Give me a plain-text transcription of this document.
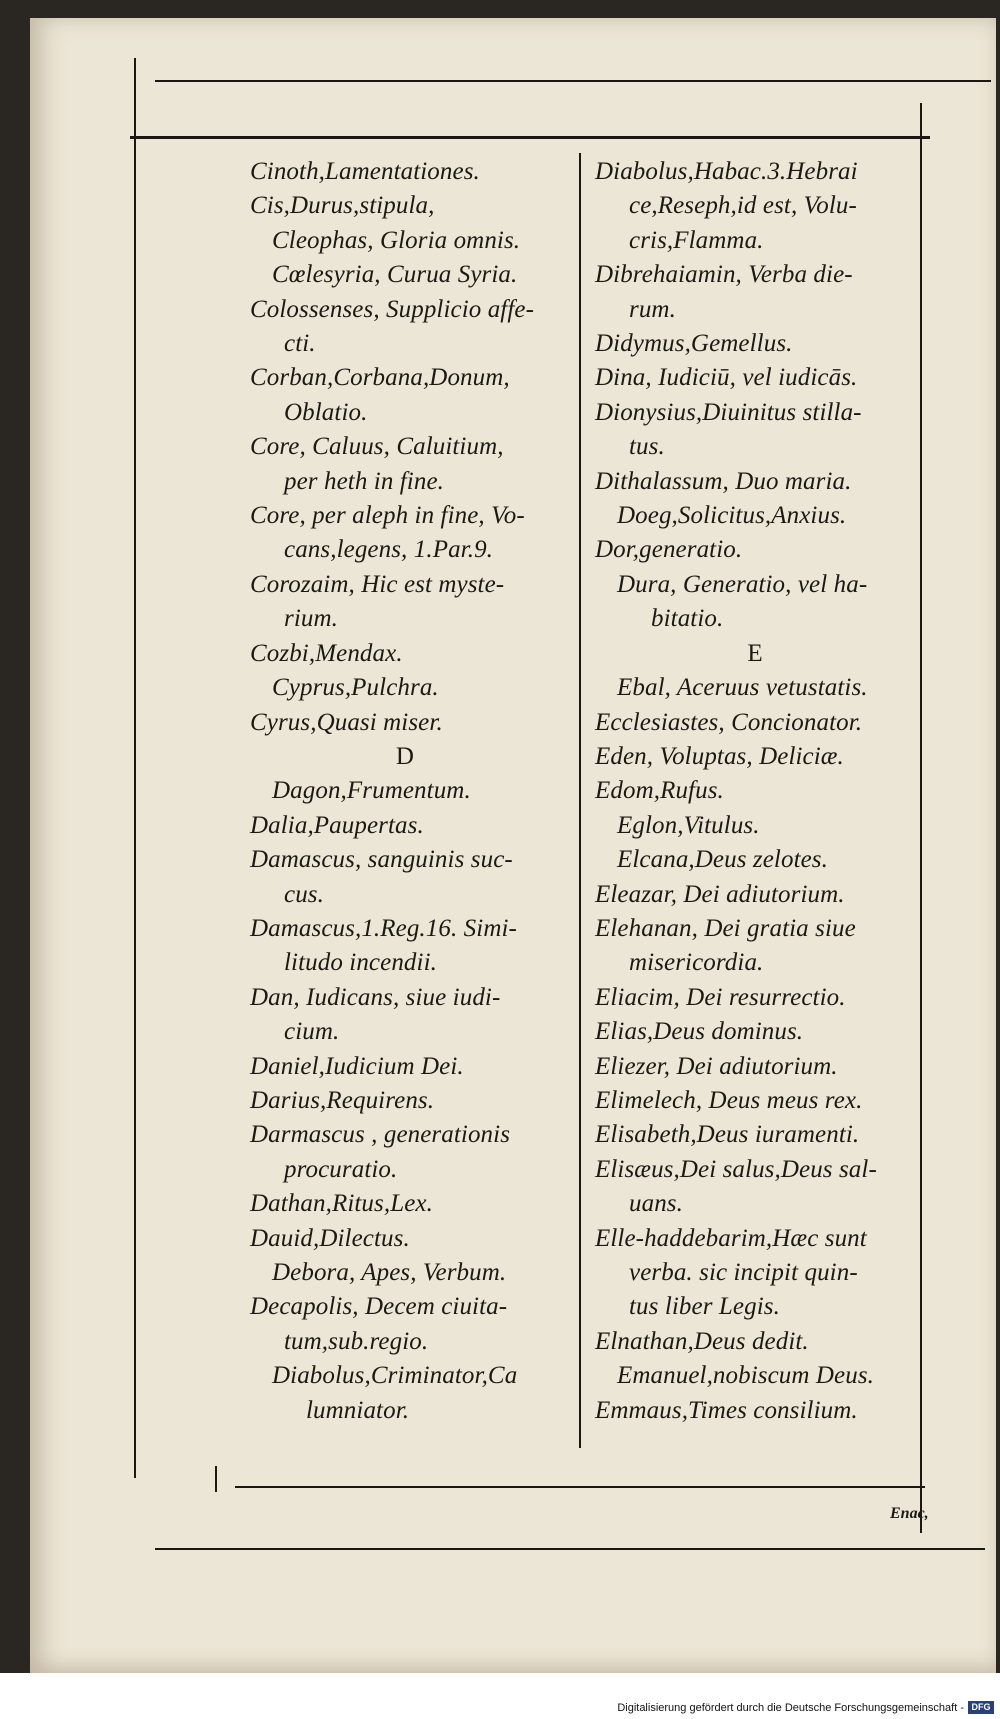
Cinoth,Lamentationes.
Cis,Durus,stipula,
Cleophas, Gloria omnis.
Cœlesyria, Curua Syria.
Colossenses, Supplicio affe-
cti.
Corban,Corbana,Donum,
Oblatio.
Core, Caluus, Caluitium,
per heth in fine.
Core, per aleph in fine, Vo-
cans,legens, 1.Par.9.
Corozaim, Hic est myste-
rium.
Cozbi,Mendax.
Cyprus,Pulchra.
Cyrus,Quasi miser.
D
Dagon,Frumentum.
Dalia,Paupertas.
Damascus, sanguinis suc-
cus.
Damascus,1.Reg.16. Simi-
litudo incendii.
Dan, Iudicans, siue iudi-
cium.
Daniel,Iudicium Dei.
Darius,Requirens.
Darmascus , generationis
procuratio.
Dathan,Ritus,Lex.
Dauid,Dilectus.
Debora, Apes, Verbum.
Decapolis, Decem ciuita-
tum,sub.regio.
Diabolus,Criminator,Ca
lumniator.
Diabolus,Habac.3.Hebrai
ce,Reseph,id est, Volu-
cris,Flamma.
Dibrehaiamin, Verba die-
rum.
Didymus,Gemellus.
Dina, Iudiciū, vel iudicās.
Dionysius,Diuinitus stilla-
tus.
Dithalassum, Duo maria.
Doeg,Solicitus,Anxius.
Dor,generatio.
Dura, Generatio, vel ha-
bitatio.
E
Ebal, Aceruus vetustatis.
Ecclesiastes, Concionator.
Eden, Voluptas, Deliciæ.
Edom,Rufus.
Eglon,Vitulus.
Elcana,Deus zelotes.
Eleazar, Dei adiutorium.
Elehanan, Dei gratia siue
misericordia.
Eliacim, Dei resurrectio.
Elias,Deus dominus.
Eliezer, Dei adiutorium.
Elimelech, Deus meus rex.
Elisabeth,Deus iuramenti.
Elisæus,Dei salus,Deus sal-
uans.
Elle-haddebarim,Hæc sunt
verba. sic incipit quin-
tus liber Legis.
Elnathan,Deus dedit.
Emanuel,nobiscum Deus.
Emmaus,Times consilium.
Enac,
Digitalisierung gefördert durch die Deutsche Forschungsgemeinschaft - DFG
